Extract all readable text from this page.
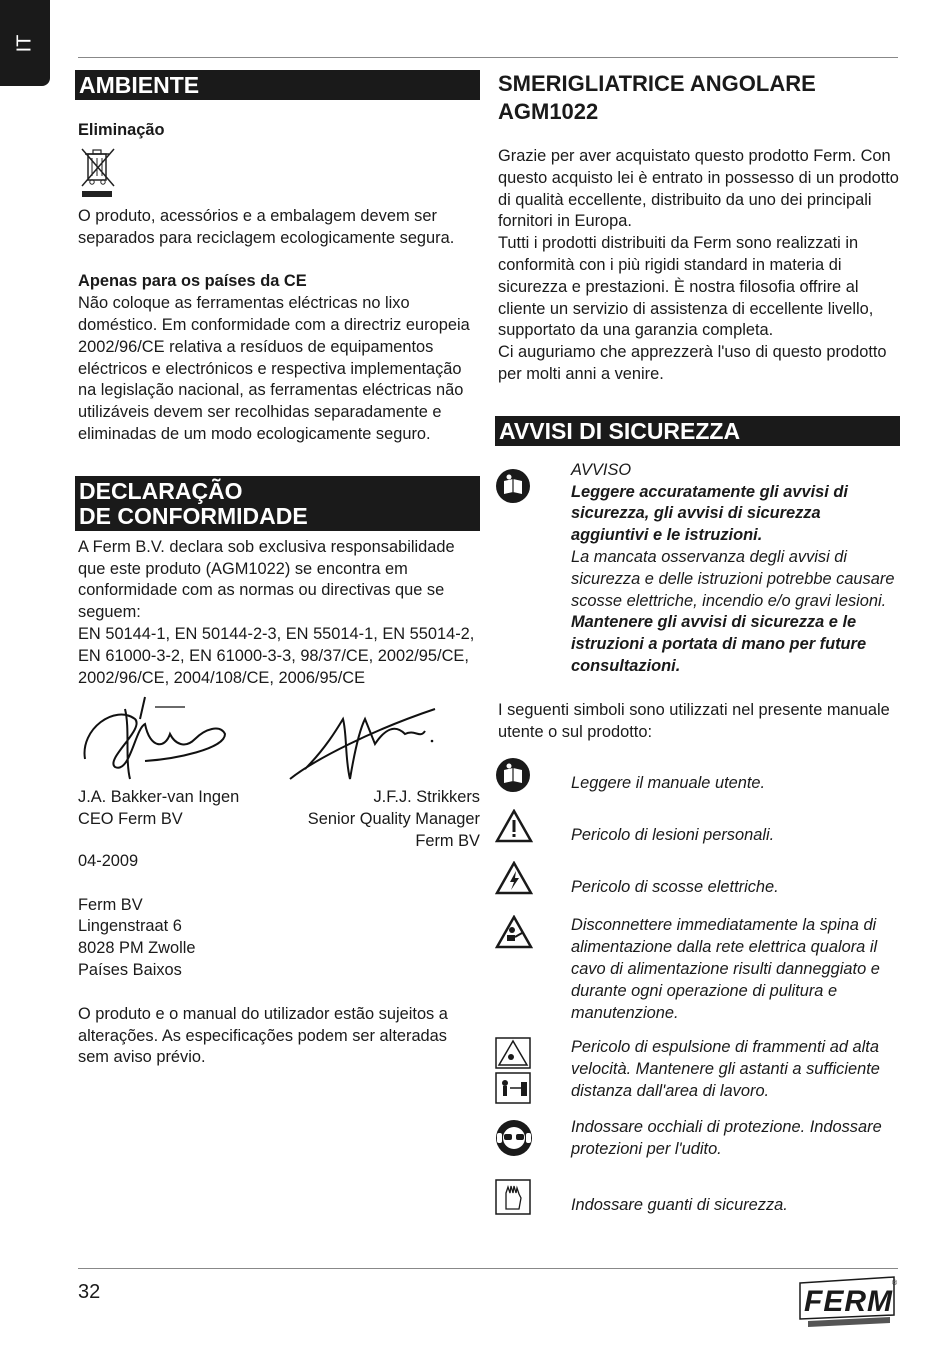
IT
AMBIENTE

Eliminação

O produto, acessórios e a embalagem devem ser separados para reciclagem ecologicamente segura.

Apenas para os países da CE

Não coloque as ferramentas eléctricas no lixo doméstico. Em conformidade com a directriz europeia 2002/96/CE relativa a resíduos de equipamentos eléctricos e electrónicos e respectiva implementação na legislação nacional, as ferramentas eléctricas não utilizáveis devem ser recolhidas separadamente e eliminadas de um modo ecologicamente seguro.

DECLARAÇÃO
DE CONFORMIDADE

A Ferm B.V. declara sob exclusiva responsabilidade que este produto (AGM1022) se encontra em conformidade com as normas ou directivas que se seguem:

EN 50144-1, EN 50144-2-3, EN 55014-1, EN 55014-2, EN 61000-3-2, EN 61000-3-3, 98/37/CE, 2002/95/CE, 2002/96/CE, 2004/108/CE, 2006/95/CE

J.A. Bakker-van Ingen

CEO Ferm BV

J.F.J. Strikkers

Senior Quality Manager

Ferm BV

04-2009

Ferm BV

Lingenstraat 6

8028 PM Zwolle

Países Baixos

O produto e o manual do utilizador estão sujeitos a alterações. As especificações podem ser alteradas sem aviso prévio.

SMERIGLIATRICE ANGOLARE
AGM1022

Grazie per aver acquistato questo prodotto Ferm. Con questo acquisto lei è entrato in possesso di un prodotto di qualità eccellente, distribuito da uno dei principali fornitori in Europa.

Tutti i prodotti distribuiti da Ferm sono realizzati in conformità con i più rigidi standard in materia di sicurezza e prestazioni. È nostra filosofia offrire al cliente un servizio di assistenza di eccellente livello, supportato da una garanzia completa.

Ci auguriamo che apprezzerà l'uso di questo prodotto per molti anni a venire.

AVVISI DI SICUREZZA
AVVISO
Leggere accuratamente gli avvisi di sicurezza, gli avvisi di sicurezza aggiuntivi e le istruzioni.
La mancata osservanza degli avvisi di sicurezza e delle istruzioni potrebbe causare scosse elettriche, incendio e/o gravi lesioni.
Mantenere gli avvisi di sicurezza e le istruzioni a portata di mano per future consultazioni.

I seguenti simboli sono utilizzati nel presente manuale utente o sul prodotto:

Leggere il manuale utente.
Pericolo di lesioni personali.
Pericolo di scosse elettriche.
Disconnettere immediatamente la spina di alimentazione dalla rete elettrica qualora il cavo di alimentazione risulti danneggiato e durante ogni operazione di pulitura e manutenzione.
Pericolo di espulsione di frammenti ad alta velocità. Mantenere gli astanti a sufficiente distanza dall'area di lavoro.
Indossare occhiali di protezione. Indossare protezioni per l'udito.
Indossare guanti di sicurezza.
32	FERM
®
